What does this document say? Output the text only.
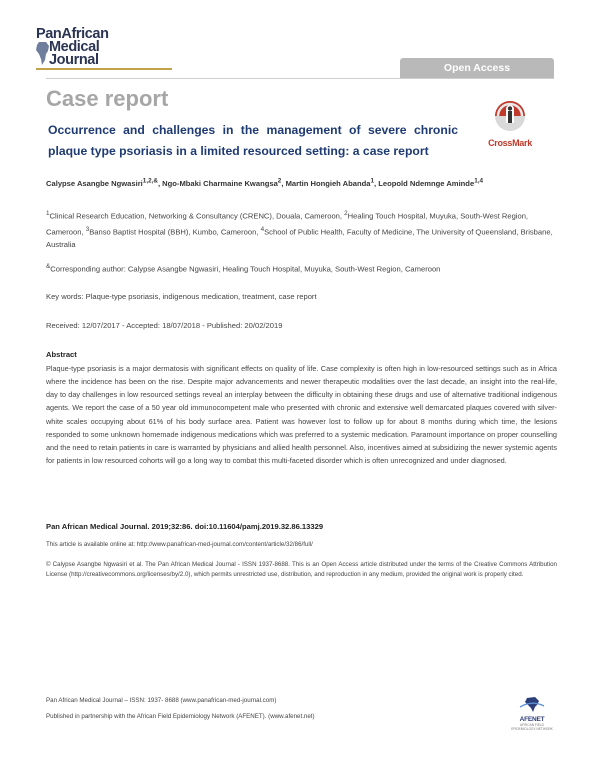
PanAfrican
Medical
Journal	Open Access
Case report
Occurrence and challenges in the management of severe chronic plaque type psoriasis in a limited resourced setting: a case report
CrossMark
Calypse Asangbe Ngwasiri$^{1,2,\&}$, Ngo-Mbaki Charmaine Kwangsa$^2$, Martin Hongieh Abanda$^1$, Leopold Ndemnge Aminde$^{1,4}$
$^1$Clinical Research Education, Networking & Consultancy (CRENC), Douala, Cameroon, $^2$Healing Touch Hospital, Muyuka, South-West Region, Cameroon, $^3$Banso Baptist Hospital (BBH), Kumbo, Cameroon, $^4$School of Public Health, Faculty of Medicine, The University of Queensland, Brisbane, Australia
&Corresponding author: Calypse Asangbe Ngwasiri, Healing Touch Hospital, Muyuka, South-West Region, Cameroon
Key words: Plaque-type psoriasis, indigenous medication, treatment, case report
Received: 12/07/2017 - Accepted: 18/07/2018 - Published: 20/02/2019
Abstract
Plaque-type psoriasis is a major dermatosis with significant effects on quality of life. Case complexity is often high in low-resourced settings such as in Africa where the incidence has been on the rise. Despite major advancements and newer therapeutic modalities over the last decade, an insight into the real-life, day to day challenges in low resourced settings reveal an interplay between the difficulty in obtaining these drugs and use of alternative traditional indigenous agents. We report the case of a 50 year old immunocompetent male who presented with chronic and extensive well demarcated plaques covered with silver-white scales occupying about 61% of his body surface area. Patient was however lost to follow up for about 8 months during which time, the lesions responded to some unknown homemade indigenous medications which was preferred to a systemic medication. Paramount importance on proper counselling and the need to retain patients in care is warranted by physicians and allied health personnel. Also, incentives aimed at subsidizing the newer systemic agents for patients in low resourced cohorts will go a long way to combat this multi-faceted disorder which is often unrecognized and under diagnosed.
Pan African Medical Journal. 2019;32:86. doi:10.11604/pamj.2019.32.86.13329
This article is available online at: http://www.panafrican-med-journal.com/content/article/32/86/full/
© Calypse Asangbe Ngwasiri et al. The Pan African Medical Journal - ISSN 1937-8688. This is an Open Access article distributed under the terms of the Creative Commons Attribution License (http://creativecommons.org/licenses/by/2.0), which permits unrestricted use, distribution, and reproduction in any medium, provided the original work is properly cited.
Pan African Medical Journal – ISSN: 1937- 8688 (www.panafrican-med-journal.com)
Published in partnership with the African Field Epidemiology Network (AFENET). (www.afenet.net)	AFENET
AFRICAN FIELD EPIDEMIOLOGY NETWORK
